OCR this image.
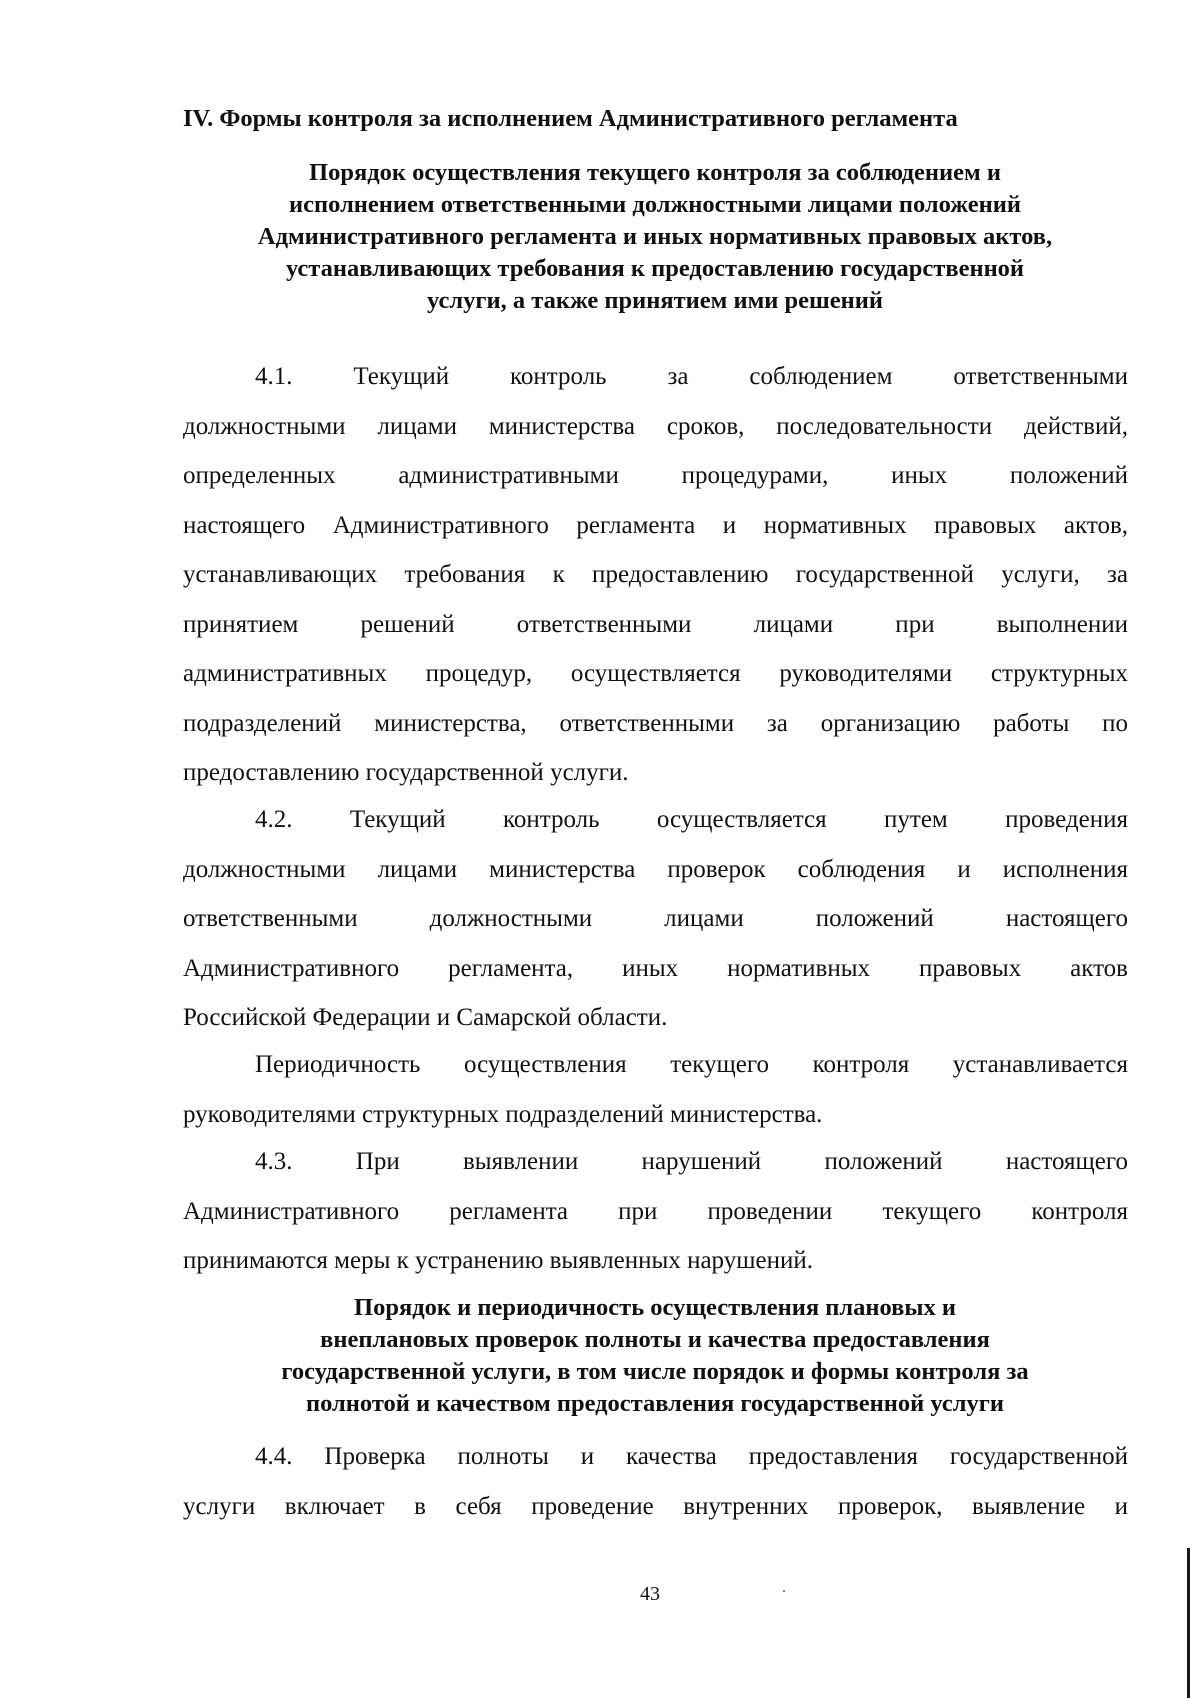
IV. Формы контроля за исполнением Административного регламента
Порядок осуществления текущего контроля за соблюдением и
исполнением ответственными должностными лицами положений
Административного регламента и иных нормативных правовых актов,
устанавливающих требования к предоставлению государственной
услуги, а также принятием ими решений

4.1. Текущий контроль за соблюдением ответственными
должностными лицами министерства сроков, последовательности действий,
определенных административными процедурами, иных положений
настоящего Административного регламента и нормативных правовых актов,
устанавливающих требования к предоставлению государственной услуги, за
принятием решений ответственными лицами при выполнении
административных процедур, осуществляется руководителями структурных
подразделений министерства, ответственными за организацию работы по
предоставлению государственной услуги.

4.2. Текущий контроль осуществляется путем проведения
должностными лицами министерства проверок соблюдения и исполнения
ответственными должностными лицами положений настоящего
Административного регламента, иных нормативных правовых актов
Российской Федерации и Самарской области.

Периодичность осуществления текущего контроля устанавливается
руководителями структурных подразделений министерства.

4.3. При выявлении нарушений положений настоящего
Административного регламента при проведении текущего контроля
принимаются меры к устранению выявленных нарушений.

Порядок и периодичность осуществления плановых и
внеплановых проверок полноты и качества предоставления
государственной услуги, в том числе порядок и формы контроля за
полнотой и качеством предоставления государственной услуги

4.4. Проверка полноты и качества предоставления государственной
услуги включает в себя проведение внутренних проверок, выявление и

43
